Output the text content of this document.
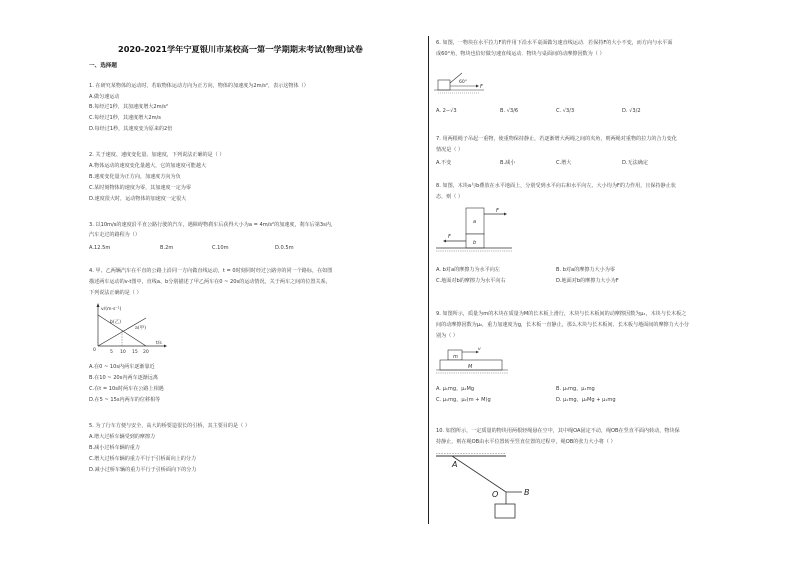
2020-2021学年宁夏银川市某校高一第一学期期末考试(物理)试卷
一、选择题
1. 在研究某物体的运动时，若取物体运动方向为正方向，物体的加速度为2m/s²，表示这物体（）
A.做匀速运动
B.每经过1秒，其加速度增大2m/s²
C.每经过1秒，其速度增大2m/s
D.每经过1秒，其速度变为原来的2倍
2. 关于速度、速度变化量、加速度，下列说法正确的是（ ）
A.物体运动的速度变化量越大，它的加速度可能越大
B.速度变化量为正方向，加速度方向为负
C.某时刻物体的速度为零，其加速度一定为零
D.速度很大时，运动物体的加速度一定很大
3. 以10m/s的速度沿平直公路行驶的汽车，遇障碍物刹车后获得大小为a = 4m/s²的加速度，刹车后第3s内，
汽车走过的路程为（）
A.12.5m	B.2m	C.10m	D.0.5m
4. 甲、乙两辆汽车在平直的公路上沿同一方向做直线运动，t = 0时刻同时经过公路旁的同一个路标，在如图
描述两车运动的v-t图中，直线a、b分别描述了甲乙两车在0 ~ 20s的运动情况，关于两车之间的位置关系，
下列说法正确的是（ ）
v/(m·s⁻¹)
t/s
0	5 10 15 20
b(乙)
a(甲)
A.在0 ~ 10s内两车逐渐靠近
B.在10 ~ 20s内两车逐渐远离
C.在t = 10s时两车在公路上相遇
D.在5 ~ 15s内两车的位移相等
5. 为了行车方便与安全，高大的桥要造很长的引桥，其主要目的是（ ）
A.增大过桥车辆受到的摩擦力
B.减小过桥车辆的重力
C.增大过桥车辆的重力平行于引桥面向上的分力
D.减小过桥车辆的重力平行于引桥面向下的分力
6. 如图，一物块在水平拉力F的作用下沿水平桌面做匀速直线运动．若保持F的大小不变，而方向与水平面
成60°角，物块也恰好做匀速直线运动．物块与桌面间的动摩擦因数为（ ）
60°
F
A. 2−√3	B. √3/6	C. √3/3	D. √3/2
7. 用两根绳子吊起一重物，使重物保持静止，若逐渐增大两绳之间的夹角，则两绳对重物的拉力的合力变化
情况是（ ）
A.不变	B.减小	C.增大	D.无法确定
8. 如图，木块a与b叠放在水平地面上，分别受到水平向右和水平向左、大小均为F的力作用，且保持静止状
态，则（ ）
a
b
F
F
A. b对a的摩擦力为水平向左	B. b对a的摩擦力大小为零
C.地面对b的摩擦力为水平向右	D.地面对b的摩擦力大小为F
9. 如图所示，质量为m的木块在质量为M的长木板上滑行，木块与长木板间的动摩擦因数为μ₁，木块与长木板之
间的动摩擦因数为μ₂，重力加速度为g，长木板一直静止，那么木块与长木板间、长木板与地面间的摩擦力大小分
别为（ ）
m
v
M
A. μ₁mg，μ₂Mg	B. μ₁mg，μ₁mg
C. μ₁mg，μ₂(m + M)g	D. μ₁mg，μ₂Mg + μ₁mg
10. 如图所示，一定质量的物块用两根轻绳悬在空中，其中绳OA固定不动，绳OB在竖直平面内转动，物块保
持静止，则在绳OB由水平位置转至竖直位置的过程中，绳OB的张力大小将（ ）
A
B
O
